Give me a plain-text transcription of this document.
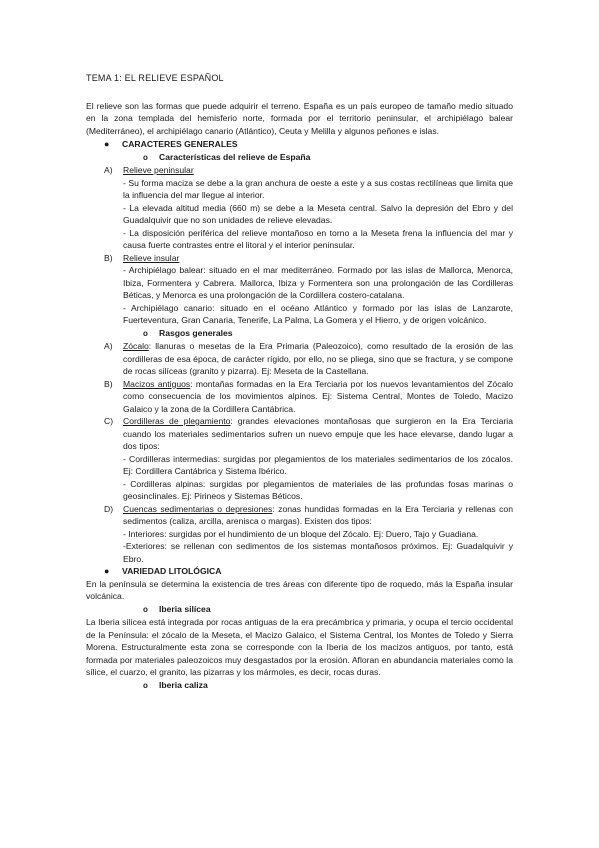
TEMA 1: EL RELIEVE ESPAÑOL

El relieve son las formas que puede adquirir el terreno. España es un país europeo de tamaño medio situado en la zona templada del hemisferio norte, formada por el territorio peninsular, el archipiélago balear (Mediterráneo), el archipiélago canario (Atlántico), Ceuta y Melilla y algunos peñones e islas.

●	CARACTERES GENERALES
o	Características del relieve de España
A)	Relieve peninsular

- Su forma maciza se debe a la gran anchura de oeste a este y a sus costas rectilíneas que limita que la influencia del mar llegue al interior.

- La elevada altitud media (660 m) se debe a la Meseta central. Salvo la depresión del Ebro y del Guadalquivir que no son unidades de relieve elevadas.

- La disposición periférica del relieve montañoso en torno a la Meseta frena la influencia del mar y causa fuerte contrastes entre el litoral y el interior peninsular.

B)	Relieve insular

- Archipiélago balear: situado en el mar mediterráneo. Formado por las islas de Mallorca, Menorca, Ibiza, Formentera y Cabrera. Mallorca, Ibiza y Formentera son una prolongación de las Cordilleras Béticas, y Menorca es una prolongación de la Cordillera costero-catalana.

- Archipiélago canario: situado en el océano Atlántico y formado por las islas de Lanzarote, Fuerteventura, Gran Canaria, Tenerife, La Palma, La Gomera y el Hierro, y de origen volcánico.

o	Rasgos generales
A)	Zócalo: llanuras o mesetas de la Era Primaria (Paleozoico), como resultado de la erosión de las cordilleras de esa época, de carácter rígido, por ello, no se pliega, sino que se fractura, y se compone de rocas silíceas (granito y pizarra). Ej: Meseta de la Castellana.

B)	Macizos antiguos: montañas formadas en la Era Terciaria por los nuevos levantamientos del Zócalo como consecuencia de los movimientos alpinos. Ej: Sistema Central, Montes de Toledo, Macizo Galaico y la zona de la Cordillera Cantábrica.

C)	Cordilleras de plegamiento: grandes elevaciones montañosas que surgieron en la Era Terciaria cuando los materiales sedimentarios sufren un nuevo empuje que les hace elevarse, dando lugar a dos tipos:

- Cordilleras intermedias: surgidas por plegamientos de los materiales sedimentarios de los zócalos. Ej: Cordillera Cantábrica y Sistema Ibérico.

- Cordilleras alpinas: surgidas por plegamientos de materiales de las profundas fosas marinas o geosinclinales. Ej: Pirineos y Sistemas Béticos.

D)	Cuencas sedimentarias o depresiones: zonas hundidas formadas en la Era Terciaria y rellenas con sedimentos (caliza, arcilla, arenisca o margas). Existen dos tipos:

- Interiores: surgidas por el hundimiento de un bloque del Zócalo. Ej: Duero, Tajo y Guadiana.

-Exteriores: se rellenan con sedimentos de los sistemas montañosos próximos. Ej: Guadalquivir y Ebro.

●	VARIEDAD LITOLÓGICA

En la península se determina la existencia de tres áreas con diferente tipo de roquedo, más la España insular volcánica.

o	Iberia silícea

La Iberia silícea está integrada por rocas antiguas de la era precámbrica y primaria, y ocupa el tercio occidental de la Península: el zócalo de la Meseta, el Macizo Galaico, el Sistema Central, los Montes de Toledo y Sierra Morena. Estructuralmente esta zona se corresponde con la Iberia de los macizos antiguos, por tanto, está formada por materiales paleozoicos muy desgastados por la erosión. Afloran en abundancia materiales como la sílice, el cuarzo, el granito, las pizarras y los mármoles, es decir, rocas duras.

o	Iberia caliza
